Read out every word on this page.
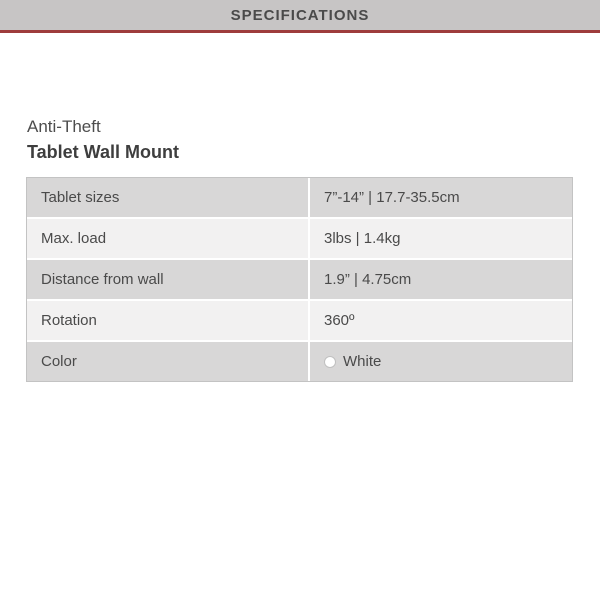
SPECIFICATIONS
Anti-Theft
Tablet Wall Mount
Tablet sizes	7”-14” | 17.7-35.5cm
Max. load	3lbs | 1.4kg
Distance from wall	1.9” | 4.75cm
Rotation	360º
Color	White
